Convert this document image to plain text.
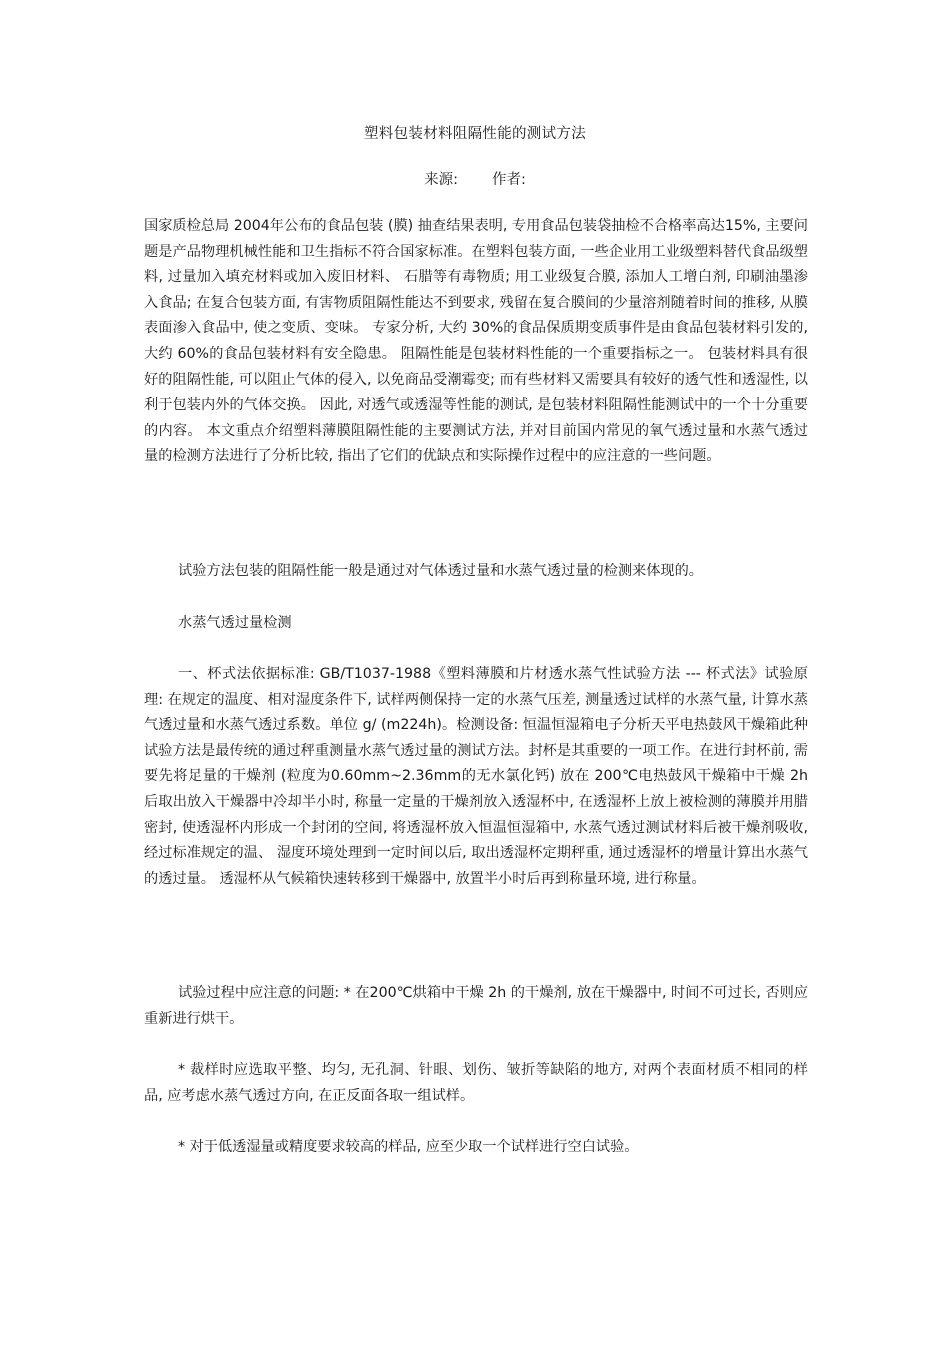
塑料包装材料阻隔性能的测试方法
来源: 作者:

国家质检总局 2004年公布的食品包装 (膜) 抽查结果表明, 专用食品包装袋抽检不合格率高达15%, 主要问题是产品物理机械性能和卫生指标不符合国家标准。在塑料包装方面, 一些企业用工业级塑料替代食品级塑料, 过量加入填充材料或加入废旧材料、 石腊等有毒物质; 用工业级复合膜, 添加人工增白剂, 印刷油墨渗入食品; 在复合包装方面, 有害物质阻隔性能达不到要求, 残留在复合膜间的少量溶剂随着时间的推移, 从膜表面渗入食品中, 使之变质、变味。 专家分析, 大约 30%的食品保质期变质事件是由食品包装材料引发的, 大约 60%的食品包装材料有安全隐患。 阻隔性能是包装材料性能的一个重要指标之一。 包装材料具有很好的阻隔性能, 可以阻止气体的侵入, 以免商品受潮霉变; 而有些材料又需要具有较好的透气性和透湿性, 以利于包装内外的气体交换。 因此, 对透气或透湿等性能的测试, 是包装材料阻隔性能测试中的一个十分重要的内容。 本文重点介绍塑料薄膜阻隔性能的主要测试方法, 并对目前国内常见的氧气透过量和水蒸气透过量的检测方法进行了分析比较, 指出了它们的优缺点和实际操作过程中的应注意的一些问题。

试验方法包装的阻隔性能一般是通过对气体透过量和水蒸气透过量的检测来体现的。

水蒸气透过量检测

一、杯式法依据标准: GB/T1037-1988《塑料薄膜和片材透水蒸气性试验方法 --- 杯式法》试验原理: 在规定的温度、相对湿度条件下, 试样两侧保持一定的水蒸气压差, 测量透过试样的水蒸气量, 计算水蒸气透过量和水蒸气透过系数。单位 g/ (m224h)。检测设备: 恒温恒湿箱电子分析天平电热鼓风干燥箱此种试验方法是最传统的通过秤重测量水蒸气透过量的测试方法。封杯是其重要的一项工作。在进行封杯前, 需要先将足量的干燥剂 (粒度为0.60mm~2.36mm的无水氯化钙) 放在 200℃电热鼓风干燥箱中干燥 2h 后取出放入干燥器中冷却半小时, 称量一定量的干燥剂放入透湿杯中, 在透湿杯上放上被检测的薄膜并用腊密封, 使透湿杯内形成一个封闭的空间, 将透湿杯放入恒温恒湿箱中, 水蒸气透过测试材料后被干燥剂吸收, 经过标准规定的温、 湿度环境处理到一定时间以后, 取出透湿杯定期秤重, 通过透湿杯的增量计算出水蒸气的透过量。 透湿杯从气候箱快速转移到干燥器中, 放置半小时后再到称量环境, 进行称量。

试验过程中应注意的问题: * 在200℃烘箱中干燥 2h 的干燥剂, 放在干燥器中, 时间不可过长, 否则应重新进行烘干。

* 裁样时应选取平整、均匀, 无孔洞、针眼、划伤、皱折等缺陷的地方, 对两个表面材质不相同的样品, 应考虑水蒸气透过方向, 在正反面各取一组试样。

* 对于低透湿量或精度要求较高的样品, 应至少取一个试样进行空白试验。
